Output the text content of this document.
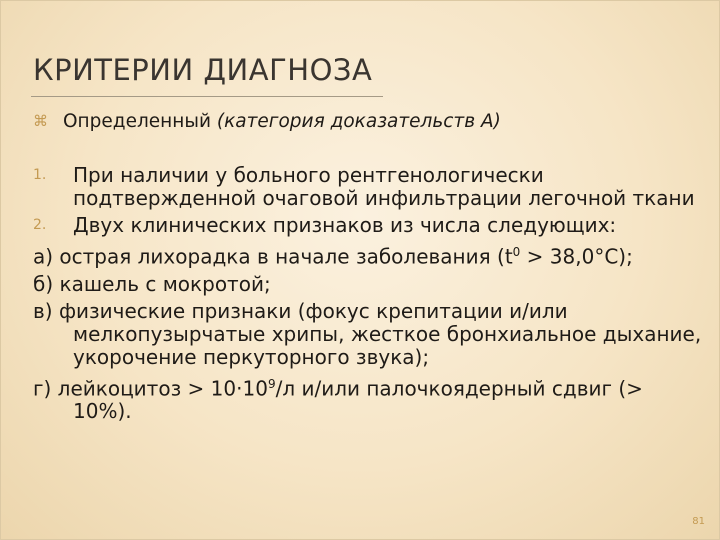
КРИТЕРИИ ДИАГНОЗА
⌘ Определенный
(категория доказательств А)

1. При наличии у больного рентгенологически подтвержденной очаговой инфильтрации легочной ткани

2. Двух клинических признаков из числа следующих:

а) острая лихорадка в начале заболевания $(t^0 > 38,0^\circ С)$;

б) кашель с мокротой;

в) физические признаки (фокус крепитации и/или мелкопузырчатые хрипы, жесткое бронхиальное дыхание, укорочение перкуторного звука);

г) лейкоцитоз > $10\cdot 10^9/л$ и/или палочкоядерный сдвиг (> 10%).

81
